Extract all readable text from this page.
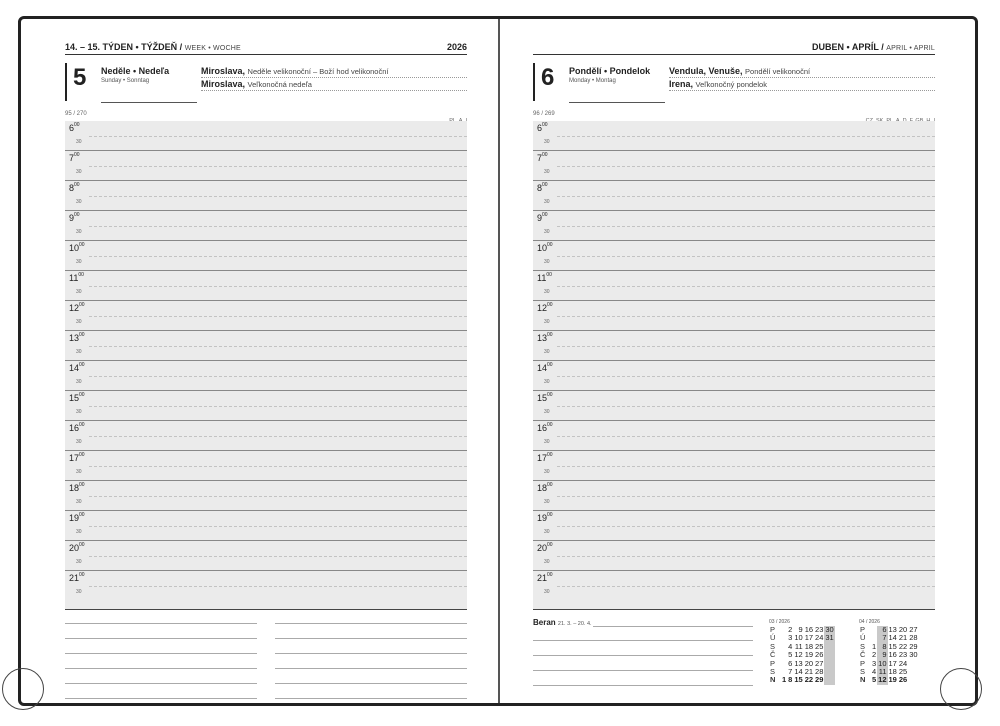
14. – 15. TÝDEN • TÝŽDEŇ / WEEK • WOCHE	2026
5	Neděle • Nedeľa
Sunday • Sonntag
95 / 270
Miroslava, Neděle velikonoční – Boží hod velikonoční
Miroslava, Veľkonočná nedeľa
$6^{00}$
30
$7^{00}$
30
$8^{00}$
30
$9^{00}$
30
$10^{00}$
30
$11^{00}$
30
$12^{00}$
30
$13^{00}$
30
$14^{00}$
30
$15^{00}$
30
$16^{00}$
30
$17^{00}$
30
$18^{00}$
30
$19^{00}$
30
$20^{00}$
30
$21^{00}$
30
DUBEN • APRÍL / APRIL • APRIL
6	Pondělí • Pondelok
Monday • Montag
96 / 269
Vendula, Venuše, Pondělí velikonoční
Irena, Veľkonočný pondelok
$6^{00}$
30
$7^{00}$
30
$8^{00}$
30
$9^{00}$
30
$10^{00}$
30
$11^{00}$
30
$12^{00}$
30
$13^{00}$
30
$14^{00}$
30
$15^{00}$
30
$16^{00}$
30
$17^{00}$
30
$18^{00}$
30
$19^{00}$
30
$20^{00}$
30
$21^{00}$
30
Beran 21. 3. – 20. 4.	03 / 2026
P		2	9	16	23	30
Ú		3	10	17	24	31
S		4	11	18	25	
Č		5	12	19	26	
P		6	13	20	27	
S		7	14	21	28	
N	1	8	15	22	29	
04 / 2026
P		6	13	20	27
Ú		7	14	21	28
S	1	8	15	22	29
Č	2	9	16	23	30
P	3	10	17	24	
S	4	11	18	25	
N	5	12	19	26	
